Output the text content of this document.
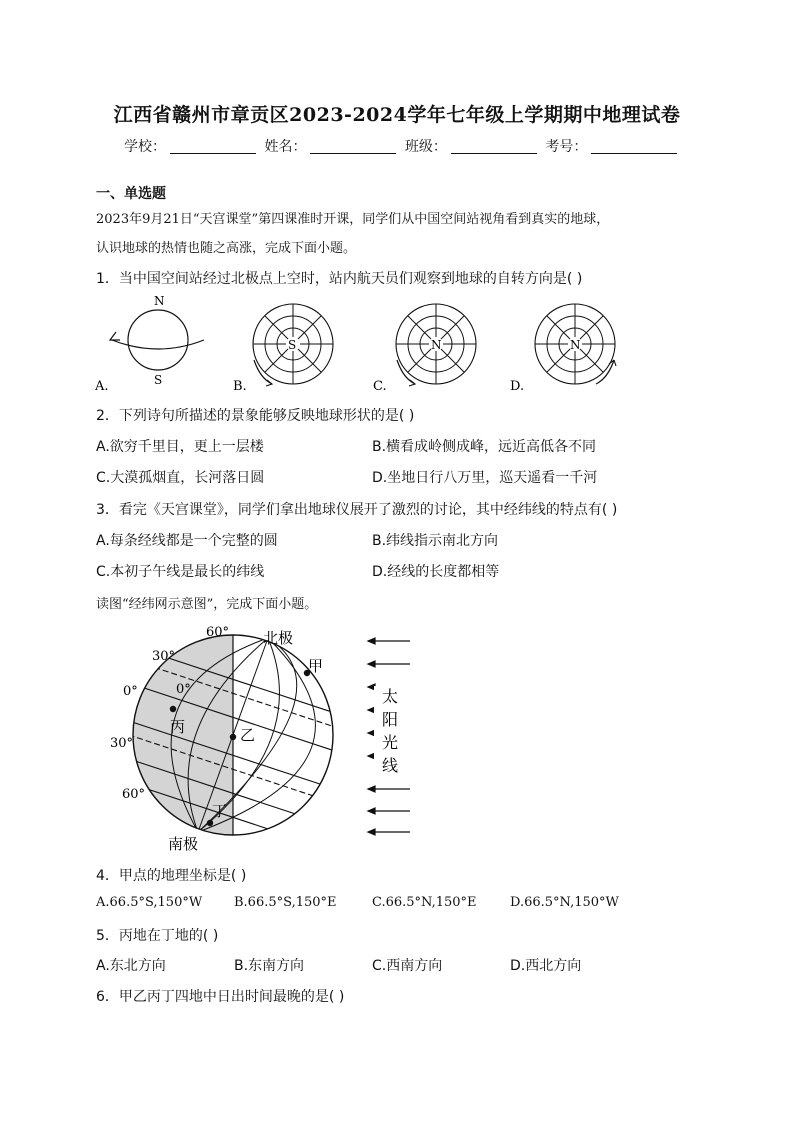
江西省赣州市章贡区2023-2024学年七年级上学期期中地理试卷
学校：	姓名：	班级：	考号：
一、单选题
2023年9月21日“天宫课堂”第四课准时开课，同学们从中国空间站视角看到真实的地球，
认识地球的热情也随之高涨，完成下面小题。
1．当中国空间站经过北极点上空时，站内航天员们观察到地球的自转方向是( )
A.
N
S	B.
S
C.
N
D.
N
2．下列诗句所描述的景象能够反映地球形状的是( )
A.欲穷千里目，更上一层楼	B.横看成岭侧成峰，远近高低各不同
C.大漠孤烟直，长河落日圆	D.坐地日行八万里，巡天遥看一千河
3．看完《天宫课堂》，同学们拿出地球仪展开了激烈的讨论，其中经纬线的特点有( )
A.每条经线都是一个完整的圆	B.纬线指示南北方向
C.本初子午线是最长的纬线	D.经线的长度都相等
读图“经纬网示意图”，完成下面小题。
北极
南极
甲
乙
丙
丁
60°
30°
0°	0°
30°
60°
太
阳
光
线
4．甲点的地理坐标是( )
A.66.5°S,150°W B.66.5°S,150°E	C.66.5°N,150°E	D.66.5°N,150°W
5．丙地在丁地的( )
A.东北方向	B.东南方向	C.西南方向	D.西北方向
6．甲乙丙丁四地中日出时间最晚的是( )
